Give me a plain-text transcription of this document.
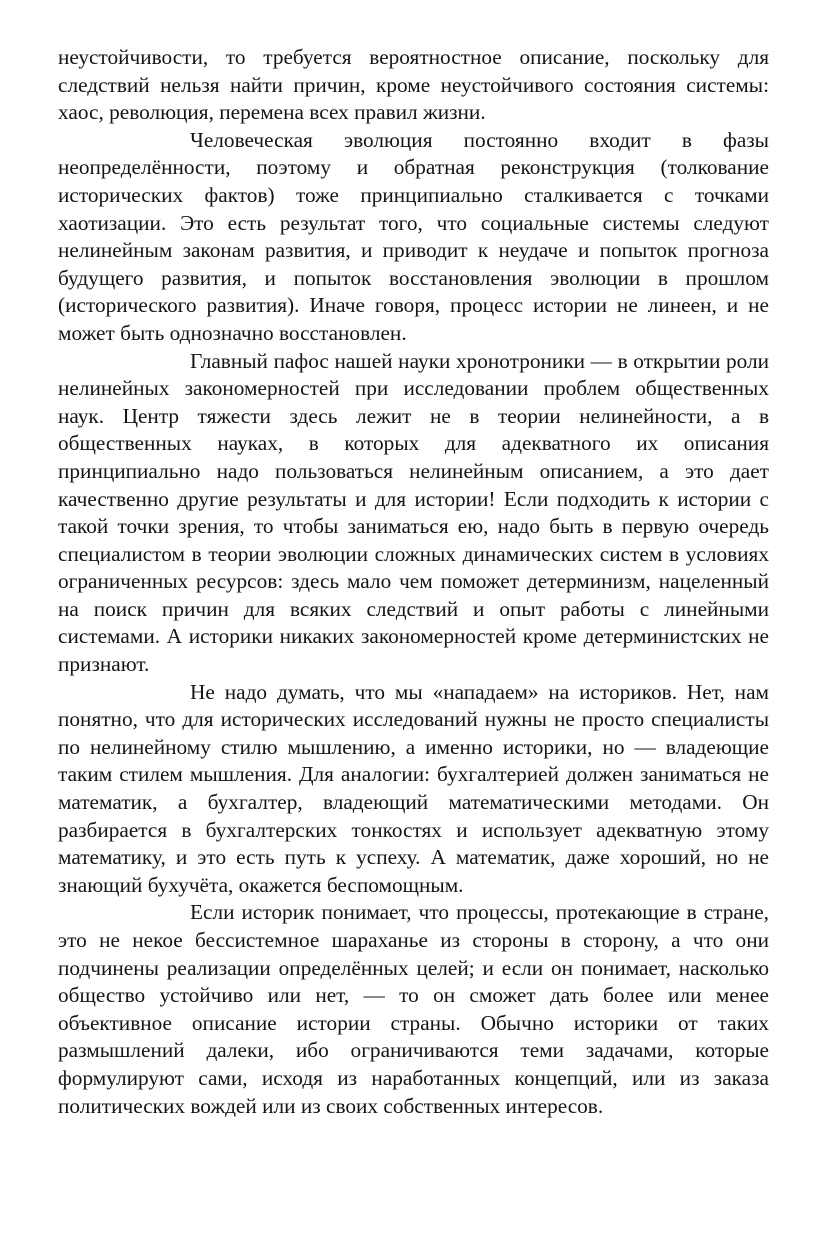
неустойчивости, то требуется вероятностное описание, поскольку для следствий нельзя найти причин, кроме неустойчивого состояния системы: хаос, революция, перемена всех правил жизни.

Человеческая эволюция постоянно входит в фазы неопределённости, поэтому и обратная реконструкция (толкование исторических фактов) тоже принципиально сталкивается с точками хаотизации. Это есть результат того, что социальные системы следуют нелинейным законам развития, и приводит к неудаче и попыток прогноза будущего развития, и попыток восстановления эволюции в прошлом (исторического развития). Иначе говоря, процесс истории не линеен, и не может быть однозначно восстановлен.

Главный пафос нашей науки хронотроники — в открытии роли нелинейных закономерностей при исследовании проблем общественных наук. Центр тяжести здесь лежит не в теории нелинейности, а в общественных науках, в которых для адекватного их описания принципиально надо пользоваться нелинейным описанием, а это дает качественно другие результаты и для истории! Если подходить к истории с такой точки зрения, то чтобы заниматься ею, надо быть в первую очередь специалистом в теории эволюции сложных динамических систем в условиях ограниченных ресурсов: здесь мало чем поможет детерминизм, нацеленный на поиск причин для всяких следствий и опыт работы с линейными системами. А историки никаких закономерностей кроме детерминистских не признают.

Не надо думать, что мы «нападаем» на историков. Нет, нам понятно, что для исторических исследований нужны не просто специалисты по нелинейному стилю мышлению, а именно историки, но — владеющие таким стилем мышления. Для аналогии: бухгалтерией должен заниматься не математик, а бухгалтер, владеющий математическими методами. Он разбирается в бухгалтерских тонкостях и использует адекватную этому математику, и это есть путь к успеху. А математик, даже хороший, но не знающий бухучёта, окажется беспомощным.

Если историк понимает, что процессы, протекающие в стране, это не некое бессистемное шараханье из стороны в сторону, а что они подчинены реализации определённых целей; и если он понимает, насколько общество устойчиво или нет, — то он сможет дать более или менее объективное описание истории страны. Обычно историки от таких размышлений далеки, ибо ограничиваются теми задачами, которые формулируют сами, исходя из наработанных концепций, или из заказа политических вождей или из своих собственных интересов.
